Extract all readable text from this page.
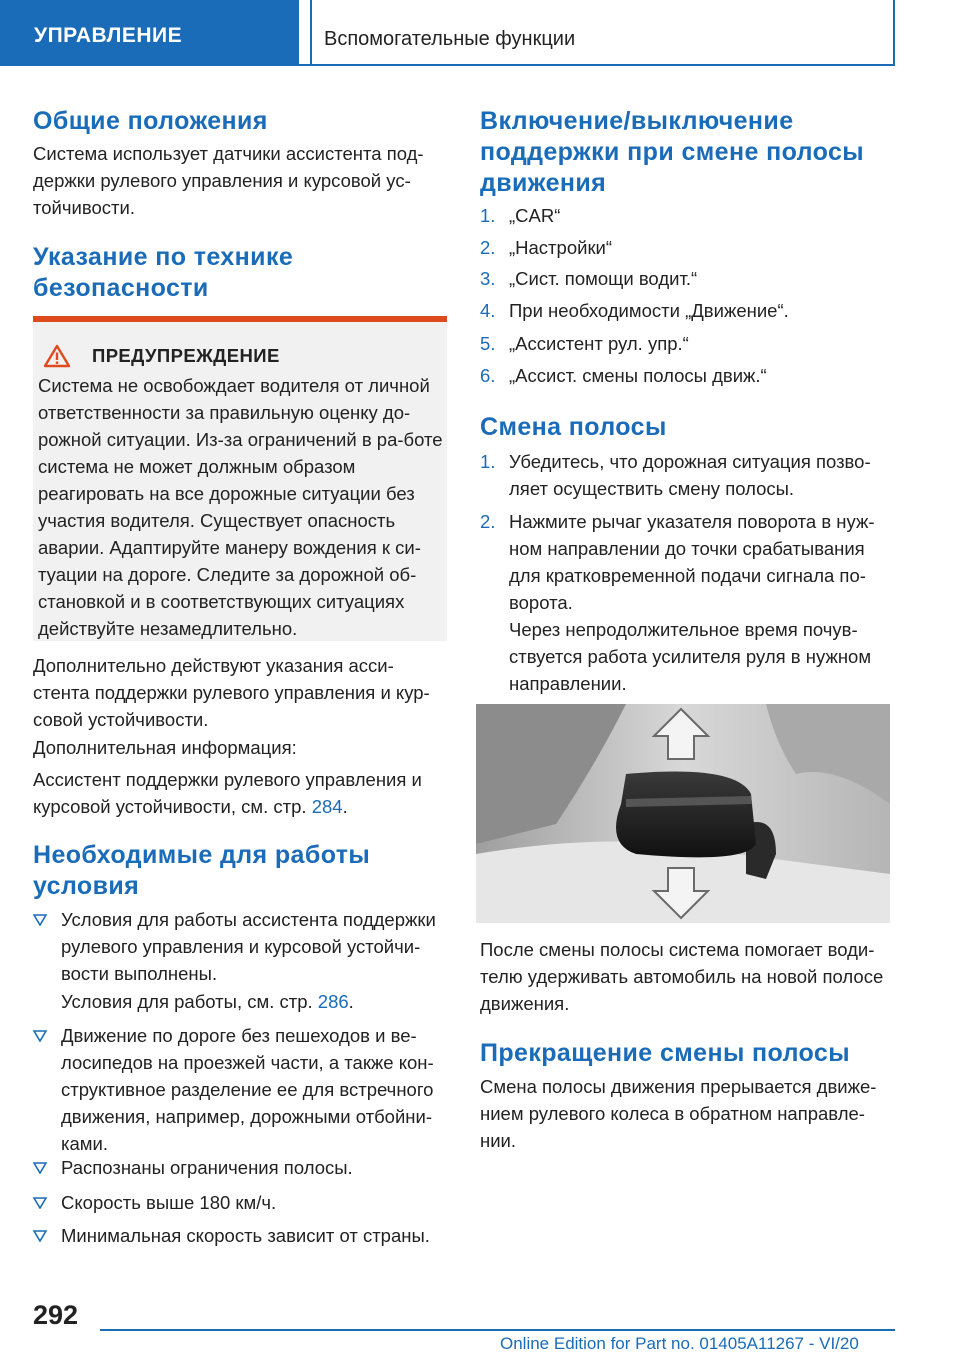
УПРАВЛЕНИЕ	Вспомогательные функции
Общие положения

Система использует датчики ассистента под-держки рулевого управления и курсовой ус-тойчивости.

Указание по технике безопасности
ПРЕДУПРЕЖДЕНИЕ
Система не освобождает водителя от личной ответственности за правильную оценку до-рожной ситуации. Из-за ограничений в ра-боте система не может должным образом реагировать на все дорожные ситуации без участия водителя. Существует опасность аварии. Адаптируйте манеру вождения к си-туации на дороге. Следите за дорожной об-становкой и в соответствующих ситуациях действуйте незамедлительно.

Дополнительно действуют указания асси-стента поддержки рулевого управления и кур-совой устойчивости.

Дополнительная информация:

Ассистент поддержки рулевого управления и курсовой устойчивости, см. стр. 284.

Необходимые для работы условия
Условия для работы ассистента поддержки рулевого управления и курсовой устойчи-вости выполнены.
Условия для работы, см. стр. 286.
Движение по дороге без пешеходов и ве-лосипедов на проезжей части, а также кон-структивное разделение ее для встречного движения, например, дорожными отбойни-ками.
Распознаны ограничения полосы.
Скорость выше 180 км/ч.
Минимальная скорость зависит от страны.
Включение/выключение поддержки при смене полосы движения
1. „CAR“
2. „Настройки“
3. „Сист. помощи водит.“
4. При необходимости „Движение“.
5. „Ассистент рул. упр.“
6. „Ассист. смены полосы движ.“
Смена полосы
1. Убедитесь, что дорожная ситуация позво-ляет осуществить смену полосы.
2. Нажмите рычаг указателя поворота в нуж-ном направлении до точки срабатывания для кратковременной подачи сигнала по-ворота.

Через непродолжительное время почув-ствуется работа усилителя руля в нужном направлении.

После смены полосы система помогает води-телю удерживать автомобиль на новой полосе движения.

Прекращение смены полосы

Смена полосы движения прерывается движе-нием рулевого колеса в обратном направле-нии.

292
Online Edition for Part no. 01405A11267 - VI/20
